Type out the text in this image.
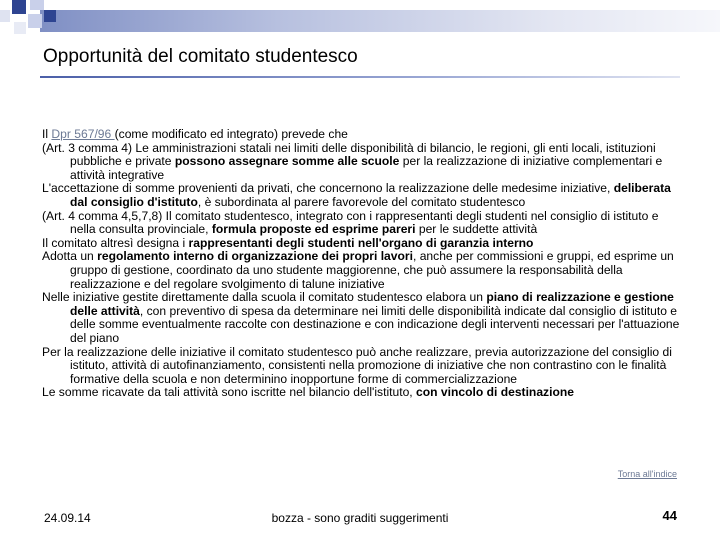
Opportunità del comitato studentesco

Il Dpr 567/96 (come modificato ed integrato) prevede che

(Art. 3 comma 4) Le amministrazioni statali nei limiti delle disponibilità di bilancio, le regioni, gli enti locali, istituzioni pubbliche e private possono assegnare somme alle scuole per la realizzazione di iniziative complementari e attività integrative

L'accettazione di somme provenienti da privati, che concernono la realizzazione delle medesime iniziative, deliberata dal consiglio d'istituto, è subordinata al parere favorevole del comitato studentesco

(Art. 4 comma 4,5,7,8) Il comitato studentesco, integrato con i rappresentanti degli studenti nel consiglio di istituto e nella consulta provinciale, formula proposte ed esprime pareri per le suddette attività

Il comitato altresì designa i rappresentanti degli studenti nell'organo di garanzia interno

Adotta un regolamento interno di organizzazione dei propri lavori, anche per commissioni e gruppi, ed esprime un gruppo di gestione, coordinato da uno studente maggiorenne, che può assumere la responsabilità della realizzazione e del regolare svolgimento di talune iniziative

Nelle iniziative gestite direttamente dalla scuola il comitato studentesco elabora un piano di realizzazione e gestione delle attività, con preventivo di spesa da determinare nei limiti delle disponibilità indicate dal consiglio di istituto e delle somme eventualmente raccolte con destinazione e con indicazione degli interventi necessari per l'attuazione del piano

Per la realizzazione delle iniziative il comitato studentesco può anche realizzare, previa autorizzazione del consiglio di istituto, attività di autofinanziamento, consistenti nella promozione di iniziative che non contrastino con le finalità formative della scuola e non determinino inopportune forme di commercializzazione

Le somme ricavate da tali attività sono iscritte nel bilancio dell'istituto, con vincolo di destinazione

Torna all'indice
24.09.14	bozza - sono graditi suggerimenti	44
